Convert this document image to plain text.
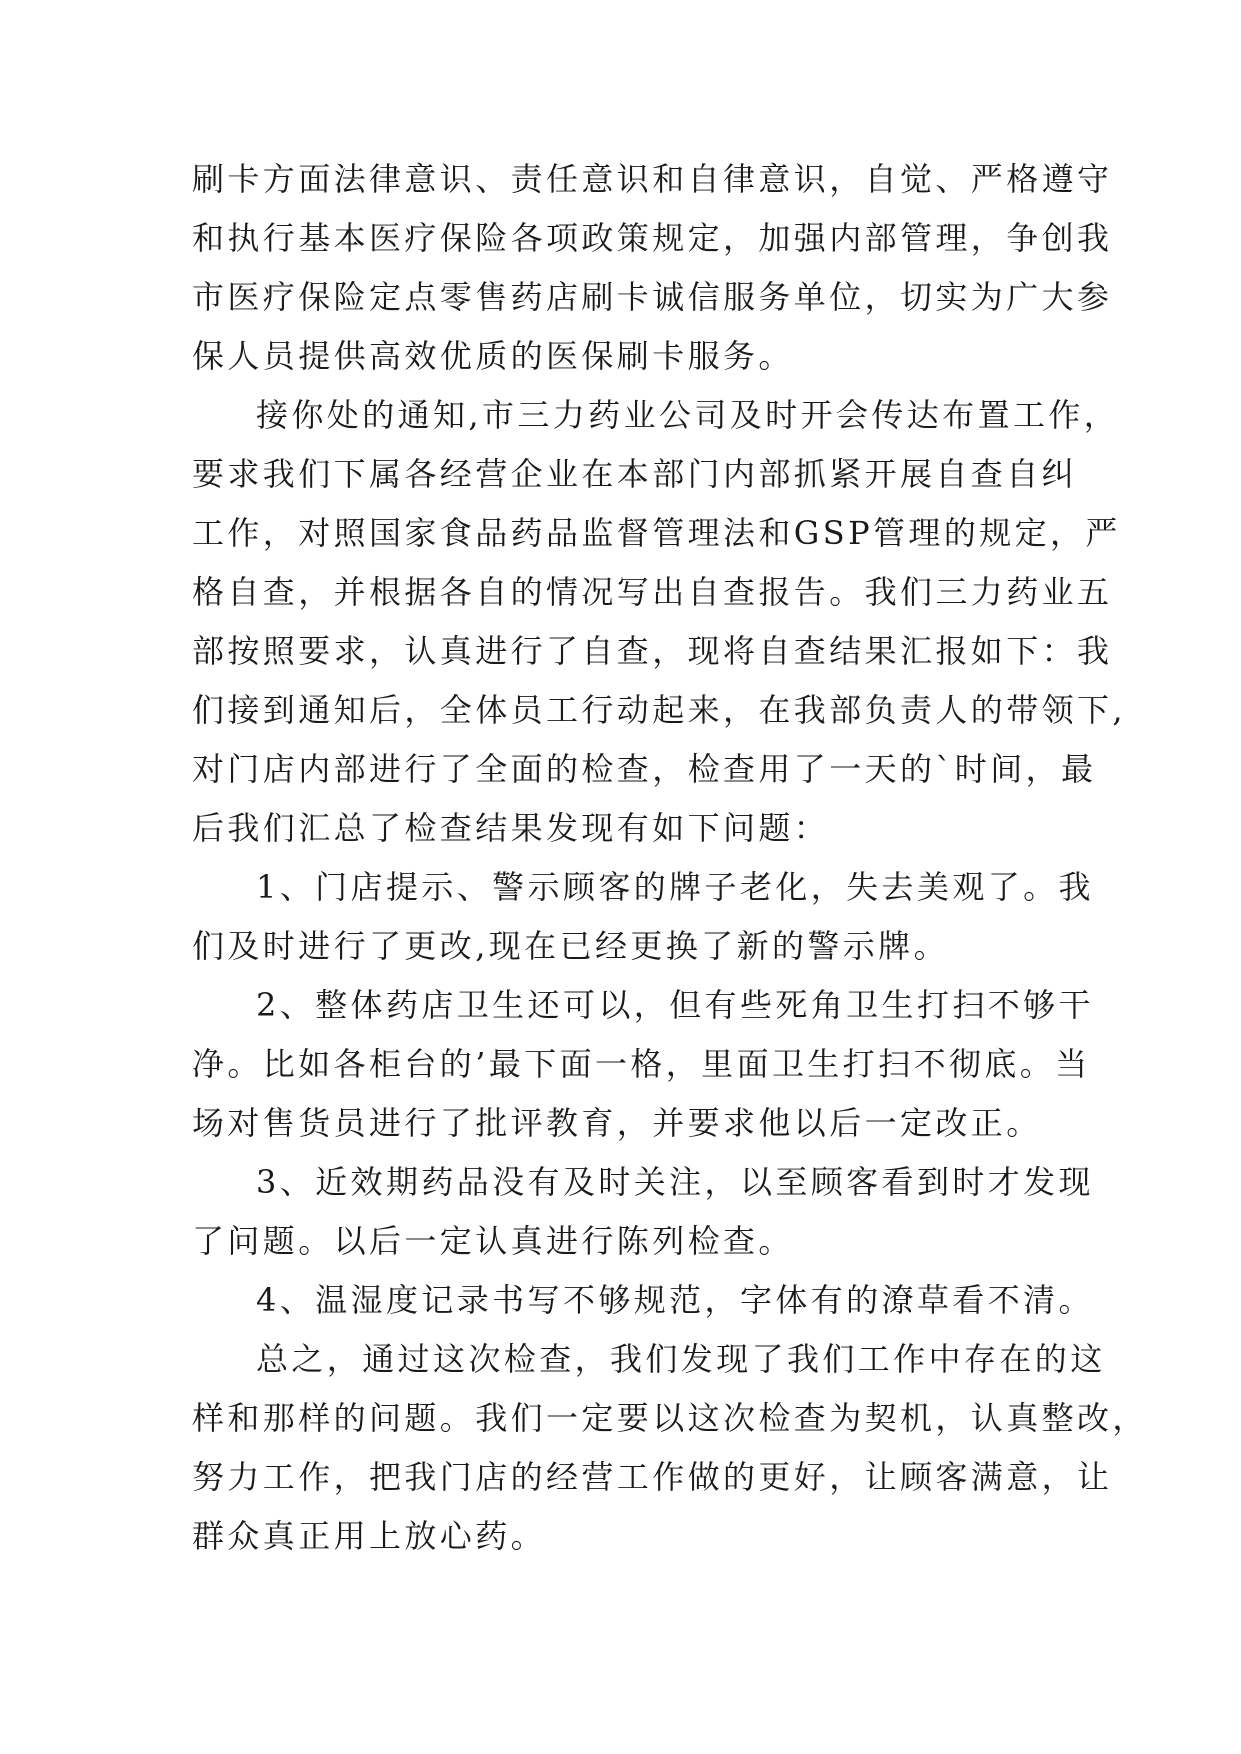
刷卡方面法律意识、责任意识和自律意识，自觉、严格遵守
和执行基本医疗保险各项政策规定，加强内部管理，争创我
市医疗保险定点零售药店刷卡诚信服务单位，切实为广大参
保人员提供高效优质的医保刷卡服务。
接你处的通知,市三力药业公司及时开会传达布置工作，
要求我们下属各经营企业在本部门内部抓紧开展自查自纠
工作，对照国家食品药品监督管理法和GSP管理的规定，严
格自查，并根据各自的情况写出自查报告。我们三力药业五
部按照要求，认真进行了自查，现将自查结果汇报如下：我
们接到通知后，全体员工行动起来，在我部负责人的带领下,
对门店内部进行了全面的检查，检查用了一天的`时间，最
后我们汇总了检查结果发现有如下问题：
1、门店提示、警示顾客的牌子老化，失去美观了。我
们及时进行了更改,现在已经更换了新的警示牌。
2、整体药店卫生还可以，但有些死角卫生打扫不够干
净。比如各柜台的’最下面一格，里面卫生打扫不彻底。当
场对售货员进行了批评教育，并要求他以后一定改正。
3、近效期药品没有及时关注，以至顾客看到时才发现
了问题。以后一定认真进行陈列检查。
4、温湿度记录书写不够规范，字体有的潦草看不清。
总之，通过这次检查，我们发现了我们工作中存在的这
样和那样的问题。我们一定要以这次检查为契机，认真整改，
努力工作，把我门店的经营工作做的更好，让顾客满意，让
群众真正用上放心药。
